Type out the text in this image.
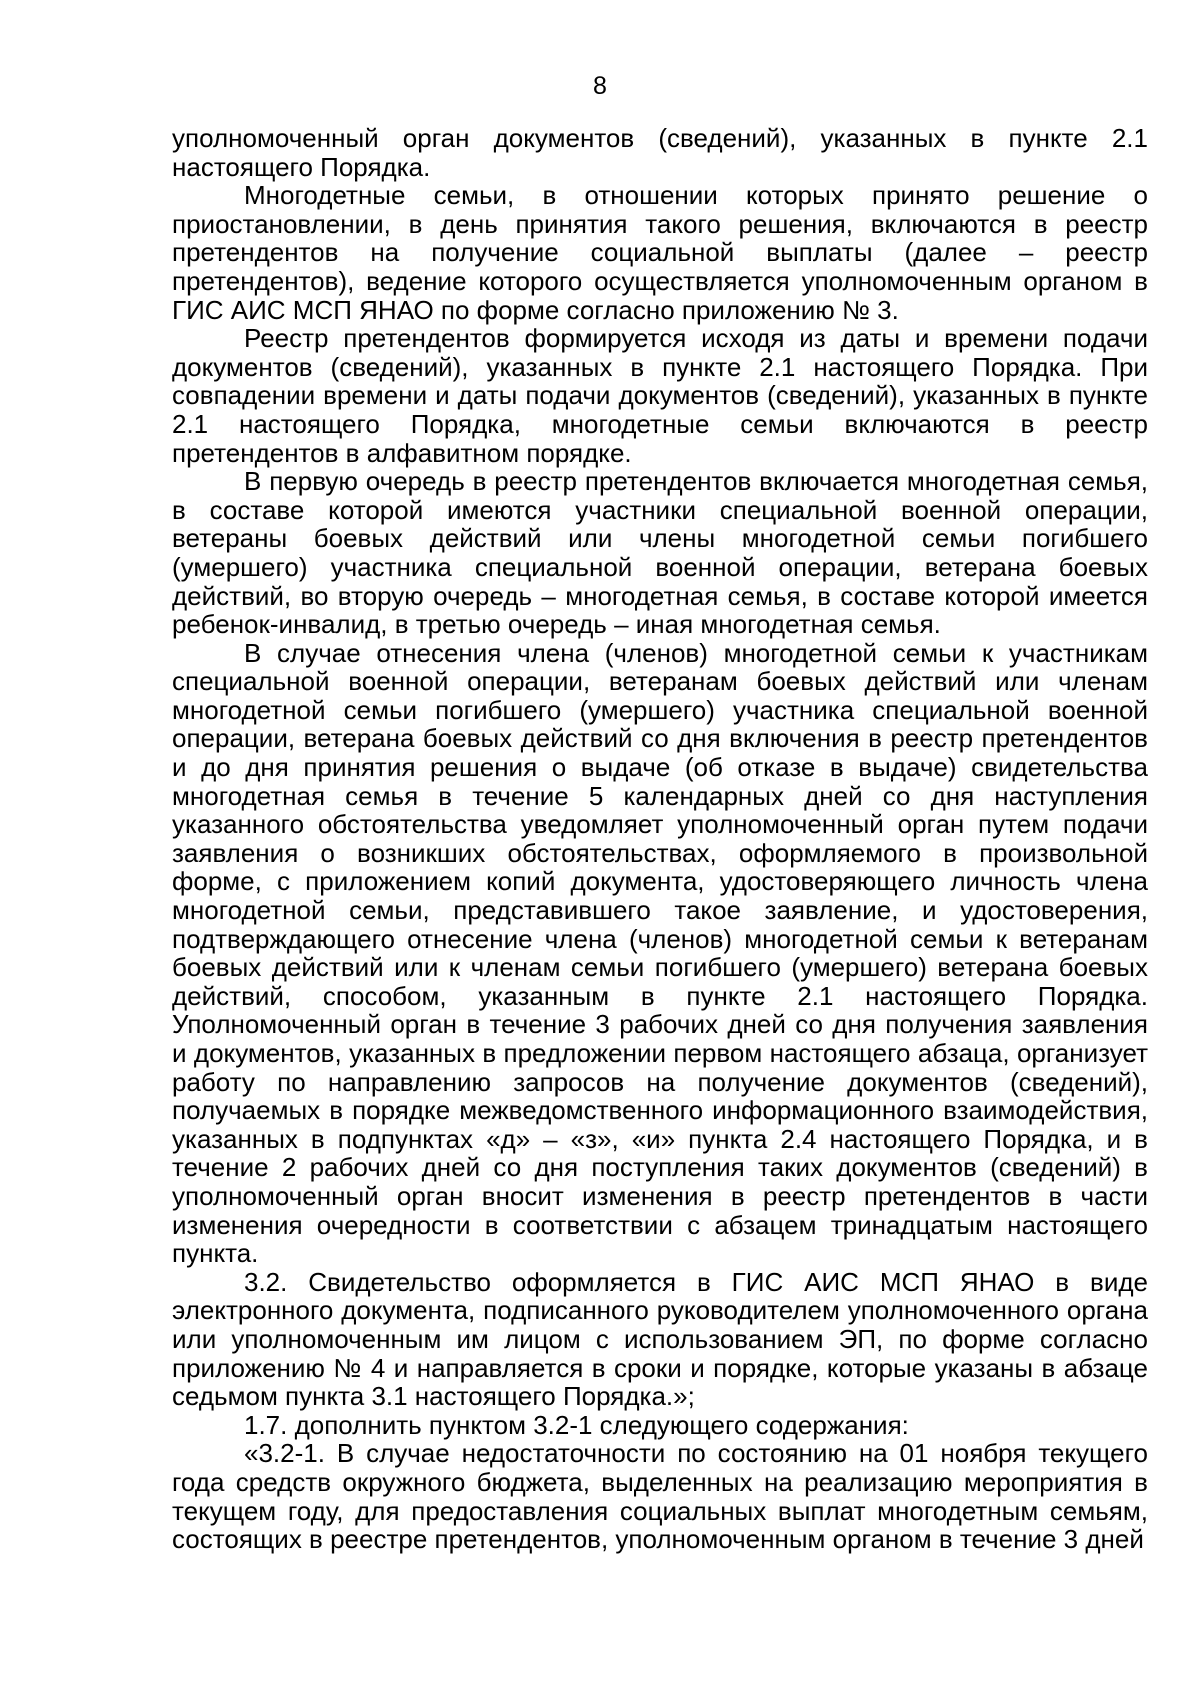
8

уполномоченный орган документов (сведений), указанных в пункте 2.1 настоящего Порядка.

Многодетные семьи, в отношении которых принято решение о приостановлении, в день принятия такого решения, включаются в реестр претендентов на получение социальной выплаты (далее – реестр претендентов), ведение которого осуществляется уполномоченным органом в ГИС АИС МСП ЯНАО по форме согласно приложению № 3.

Реестр претендентов формируется исходя из даты и времени подачи документов (сведений), указанных в пункте 2.1 настоящего Порядка. При совпадении времени и даты подачи документов (сведений), указанных в пункте 2.1 настоящего Порядка, многодетные семьи включаются в реестр претендентов в алфавитном порядке.

В первую очередь в реестр претендентов включается многодетная семья, в составе которой имеются участники специальной военной операции, ветераны боевых действий или члены многодетной семьи погибшего (умершего) участника специальной военной операции, ветерана боевых действий, во вторую очередь – многодетная семья, в составе которой имеется ребенок-инвалид, в третью очередь – иная многодетная семья.

В случае отнесения члена (членов) многодетной семьи к участникам специальной военной операции, ветеранам боевых действий или членам многодетной семьи погибшего (умершего) участника специальной военной операции, ветерана боевых действий со дня включения в реестр претендентов и до дня принятия решения о выдаче (об отказе в выдаче) свидетельства многодетная семья в течение 5 календарных дней со дня наступления указанного обстоятельства уведомляет уполномоченный орган путем подачи заявления о возникших обстоятельствах, оформляемого в произвольной форме, с приложением копий документа, удостоверяющего личность члена многодетной семьи, представившего такое заявление, и удостоверения, подтверждающего отнесение члена (членов) многодетной семьи к ветеранам боевых действий или к членам семьи погибшего (умершего) ветерана боевых действий, способом, указанным в пункте 2.1 настоящего Порядка. Уполномоченный орган в течение 3 рабочих дней со дня получения заявления и документов, указанных в предложении первом настоящего абзаца, организует работу по направлению запросов на получение документов (сведений), получаемых в порядке межведомственного информационного взаимодействия, указанных в подпунктах «д» – «з», «и» пункта 2.4 настоящего Порядка, и в течение 2 рабочих дней со дня поступления таких документов (сведений) в уполномоченный орган вносит изменения в реестр претендентов в части изменения очередности в соответствии с абзацем тринадцатым настоящего пункта.

3.2. Свидетельство оформляется в ГИС АИС МСП ЯНАО в виде электронного документа, подписанного руководителем уполномоченного органа или уполномоченным им лицом с использованием ЭП, по форме согласно приложению № 4 и направляется в сроки и порядке, которые указаны в абзаце седьмом пункта 3.1 настоящего Порядка.»;

1.7. дополнить пунктом 3.2-1 следующего содержания:

«3.2-1. В случае недостаточности по состоянию на 01 ноября текущего года средств окружного бюджета, выделенных на реализацию мероприятия в текущем году, для предоставления социальных выплат многодетным семьям, состоящих в реестре претендентов, уполномоченным органом в течение 3 дней
